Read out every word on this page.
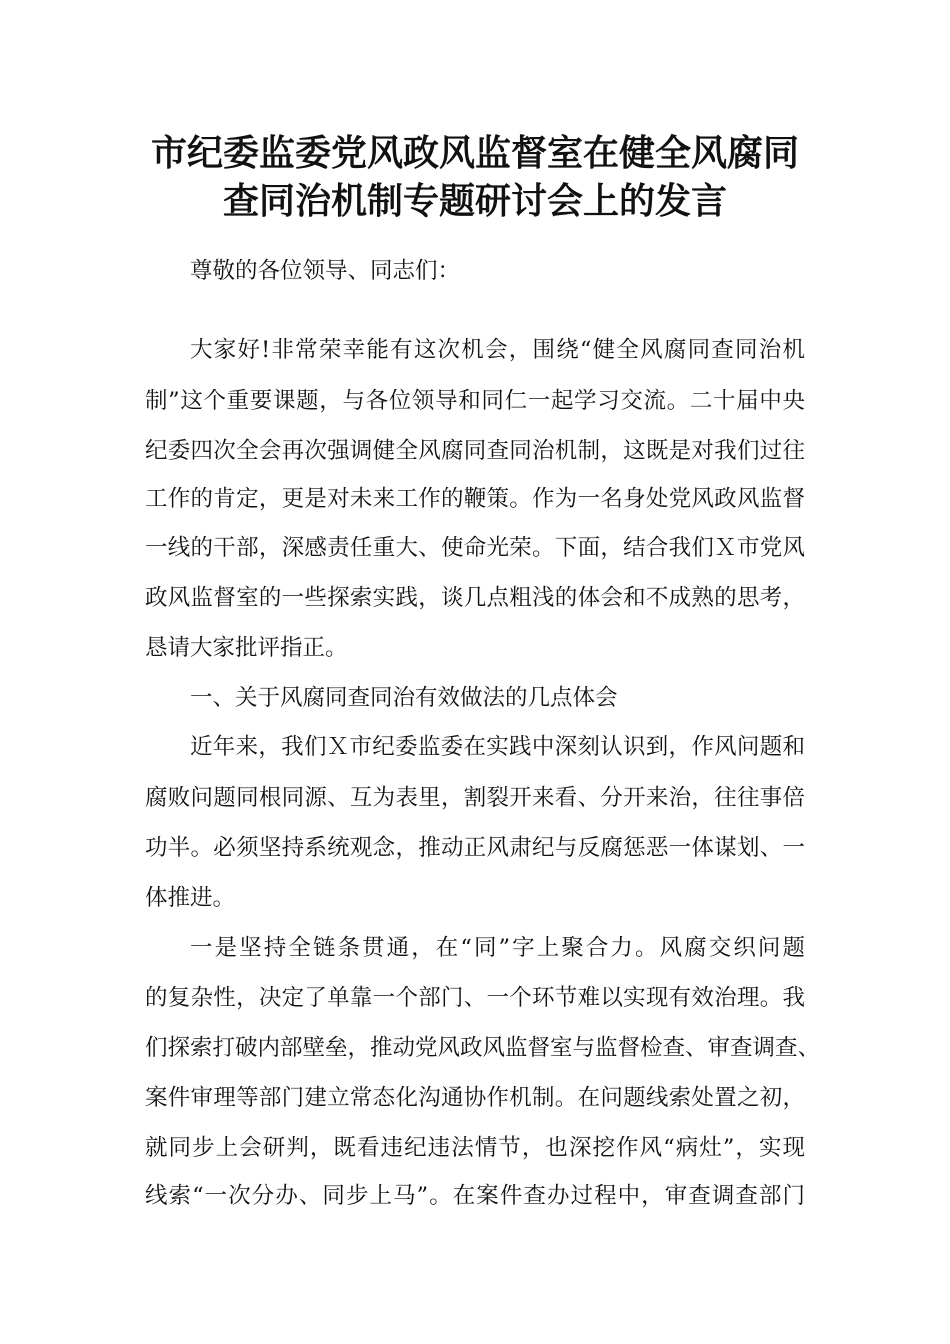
市纪委监委党风政风监督室在健全风腐同
查同治机制专题研讨会上的发言
尊敬的各位领导、同志们：
大家好!非常荣幸能有这次机会，围绕“健全风腐同查同治机
制”这个重要课题，与各位领导和同仁一起学习交流。二十届中央
纪委四次全会再次强调健全风腐同查同治机制，这既是对我们过往
工作的肯定，更是对未来工作的鞭策。作为一名身处党风政风监督
一线的干部，深感责任重大、使命光荣。下面，结合我们Ｘ市党风
政风监督室的一些探索实践，谈几点粗浅的体会和不成熟的思考，
恳请大家批评指正。
一、关于风腐同查同治有效做法的几点体会
近年来，我们Ｘ市纪委监委在实践中深刻认识到，作风问题和
腐败问题同根同源、互为表里，割裂开来看、分开来治，往往事倍
功半。必须坚持系统观念，推动正风肃纪与反腐惩恶一体谋划、一
体推进。
一是坚持全链条贯通，在“同”字上聚合力。风腐交织问题
的复杂性，决定了单靠一个部门、一个环节难以实现有效治理。我
们探索打破内部壁垒，推动党风政风监督室与监督检查、审查调查、
案件审理等部门建立常态化沟通协作机制。在问题线索处置之初，
就同步上会研判，既看违纪违法情节，也深挖作风“病灶”，实现
线索“一次分办、同步上马”。在案件查办过程中，审查调查部门
